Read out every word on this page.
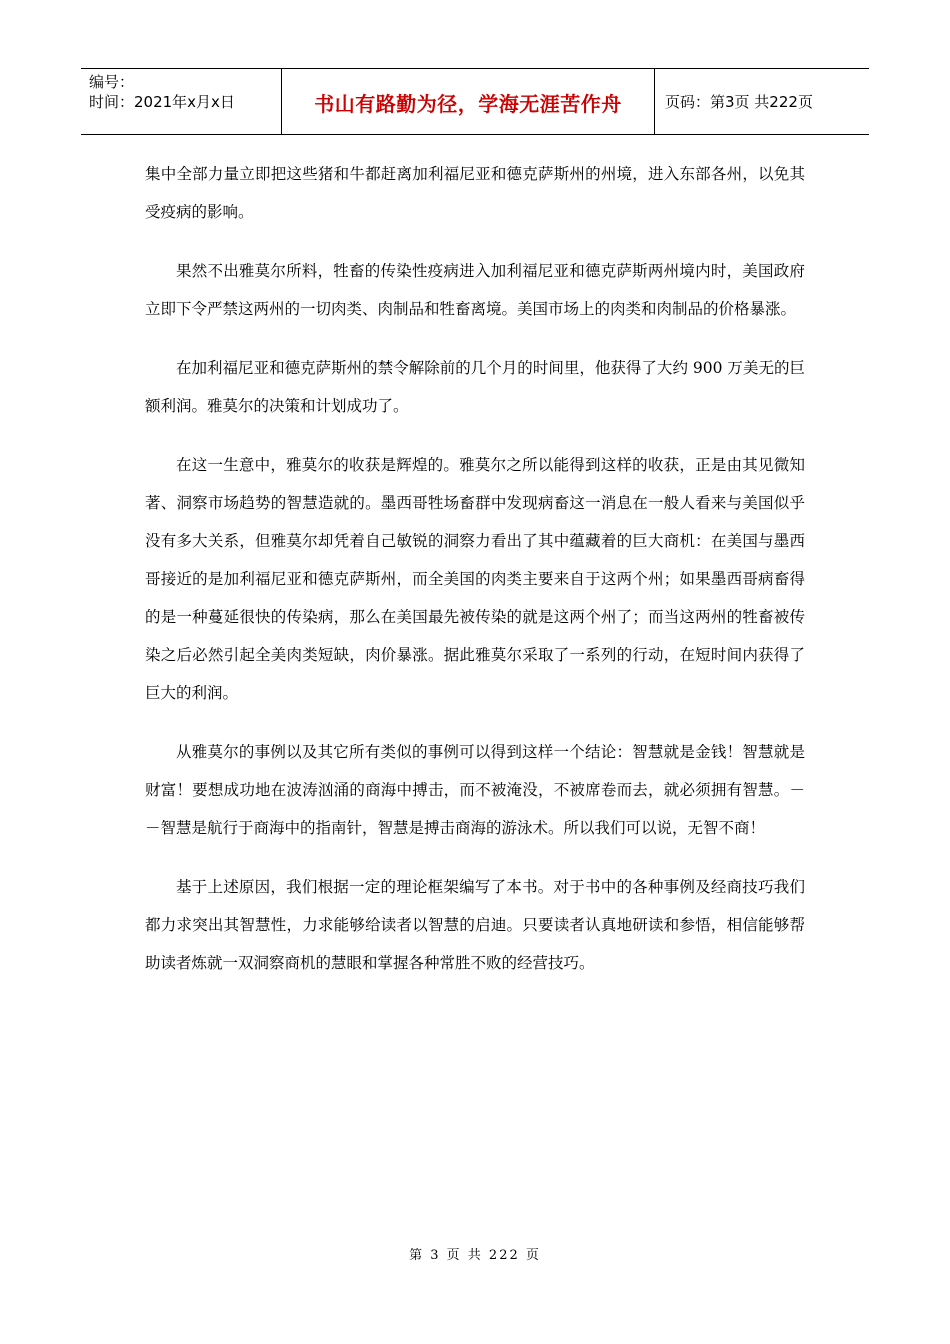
编号：
时间：2021年x月x日	书山有路勤为径，学海无涯苦作舟	页码：第3页 共222页

集中全部力量立即把这些猪和牛都赶离加利福尼亚和德克萨斯州的州境，进入东部各州，以免其受疫病的影响。

果然不出雅莫尔所料，牲畜的传染性疫病进入加利福尼亚和德克萨斯两州境内时，美国政府立即下令严禁这两州的一切肉类、肉制品和牲畜离境。美国市场上的肉类和肉制品的价格暴涨。

在加利福尼亚和德克萨斯州的禁令解除前的几个月的时间里，他获得了大约 900 万美无的巨额利润。雅莫尔的决策和计划成功了。

在这一生意中，雅莫尔的收获是辉煌的。雅莫尔之所以能得到这样的收获，正是由其见微知著、洞察市场趋势的智慧造就的。墨西哥牲场畜群中发现病畜这一消息在一般人看来与美国似乎没有多大关系，但雅莫尔却凭着自己敏锐的洞察力看出了其中蕴藏着的巨大商机：在美国与墨西哥接近的是加利福尼亚和德克萨斯州，而全美国的肉类主要来自于这两个州；如果墨西哥病畜得的是一种蔓延很快的传染病，那么在美国最先被传染的就是这两个州了；而当这两州的牲畜被传染之后必然引起全美肉类短缺，肉价暴涨。据此雅莫尔采取了一系列的行动，在短时间内获得了巨大的利润。

从雅莫尔的事例以及其它所有类似的事例可以得到这样一个结论：智慧就是金钱！智慧就是财富！要想成功地在波涛汹涌的商海中搏击，而不被淹没，不被席卷而去，就必须拥有智慧。－－智慧是航行于商海中的指南针，智慧是搏击商海的游泳术。所以我们可以说，无智不商！

基于上述原因，我们根据一定的理论框架编写了本书。对于书中的各种事例及经商技巧我们都力求突出其智慧性，力求能够给读者以智慧的启迪。只要读者认真地研读和参悟，相信能够帮助读者炼就一双洞察商机的慧眼和掌握各种常胜不败的经营技巧。

第 3 页 共 222 页
